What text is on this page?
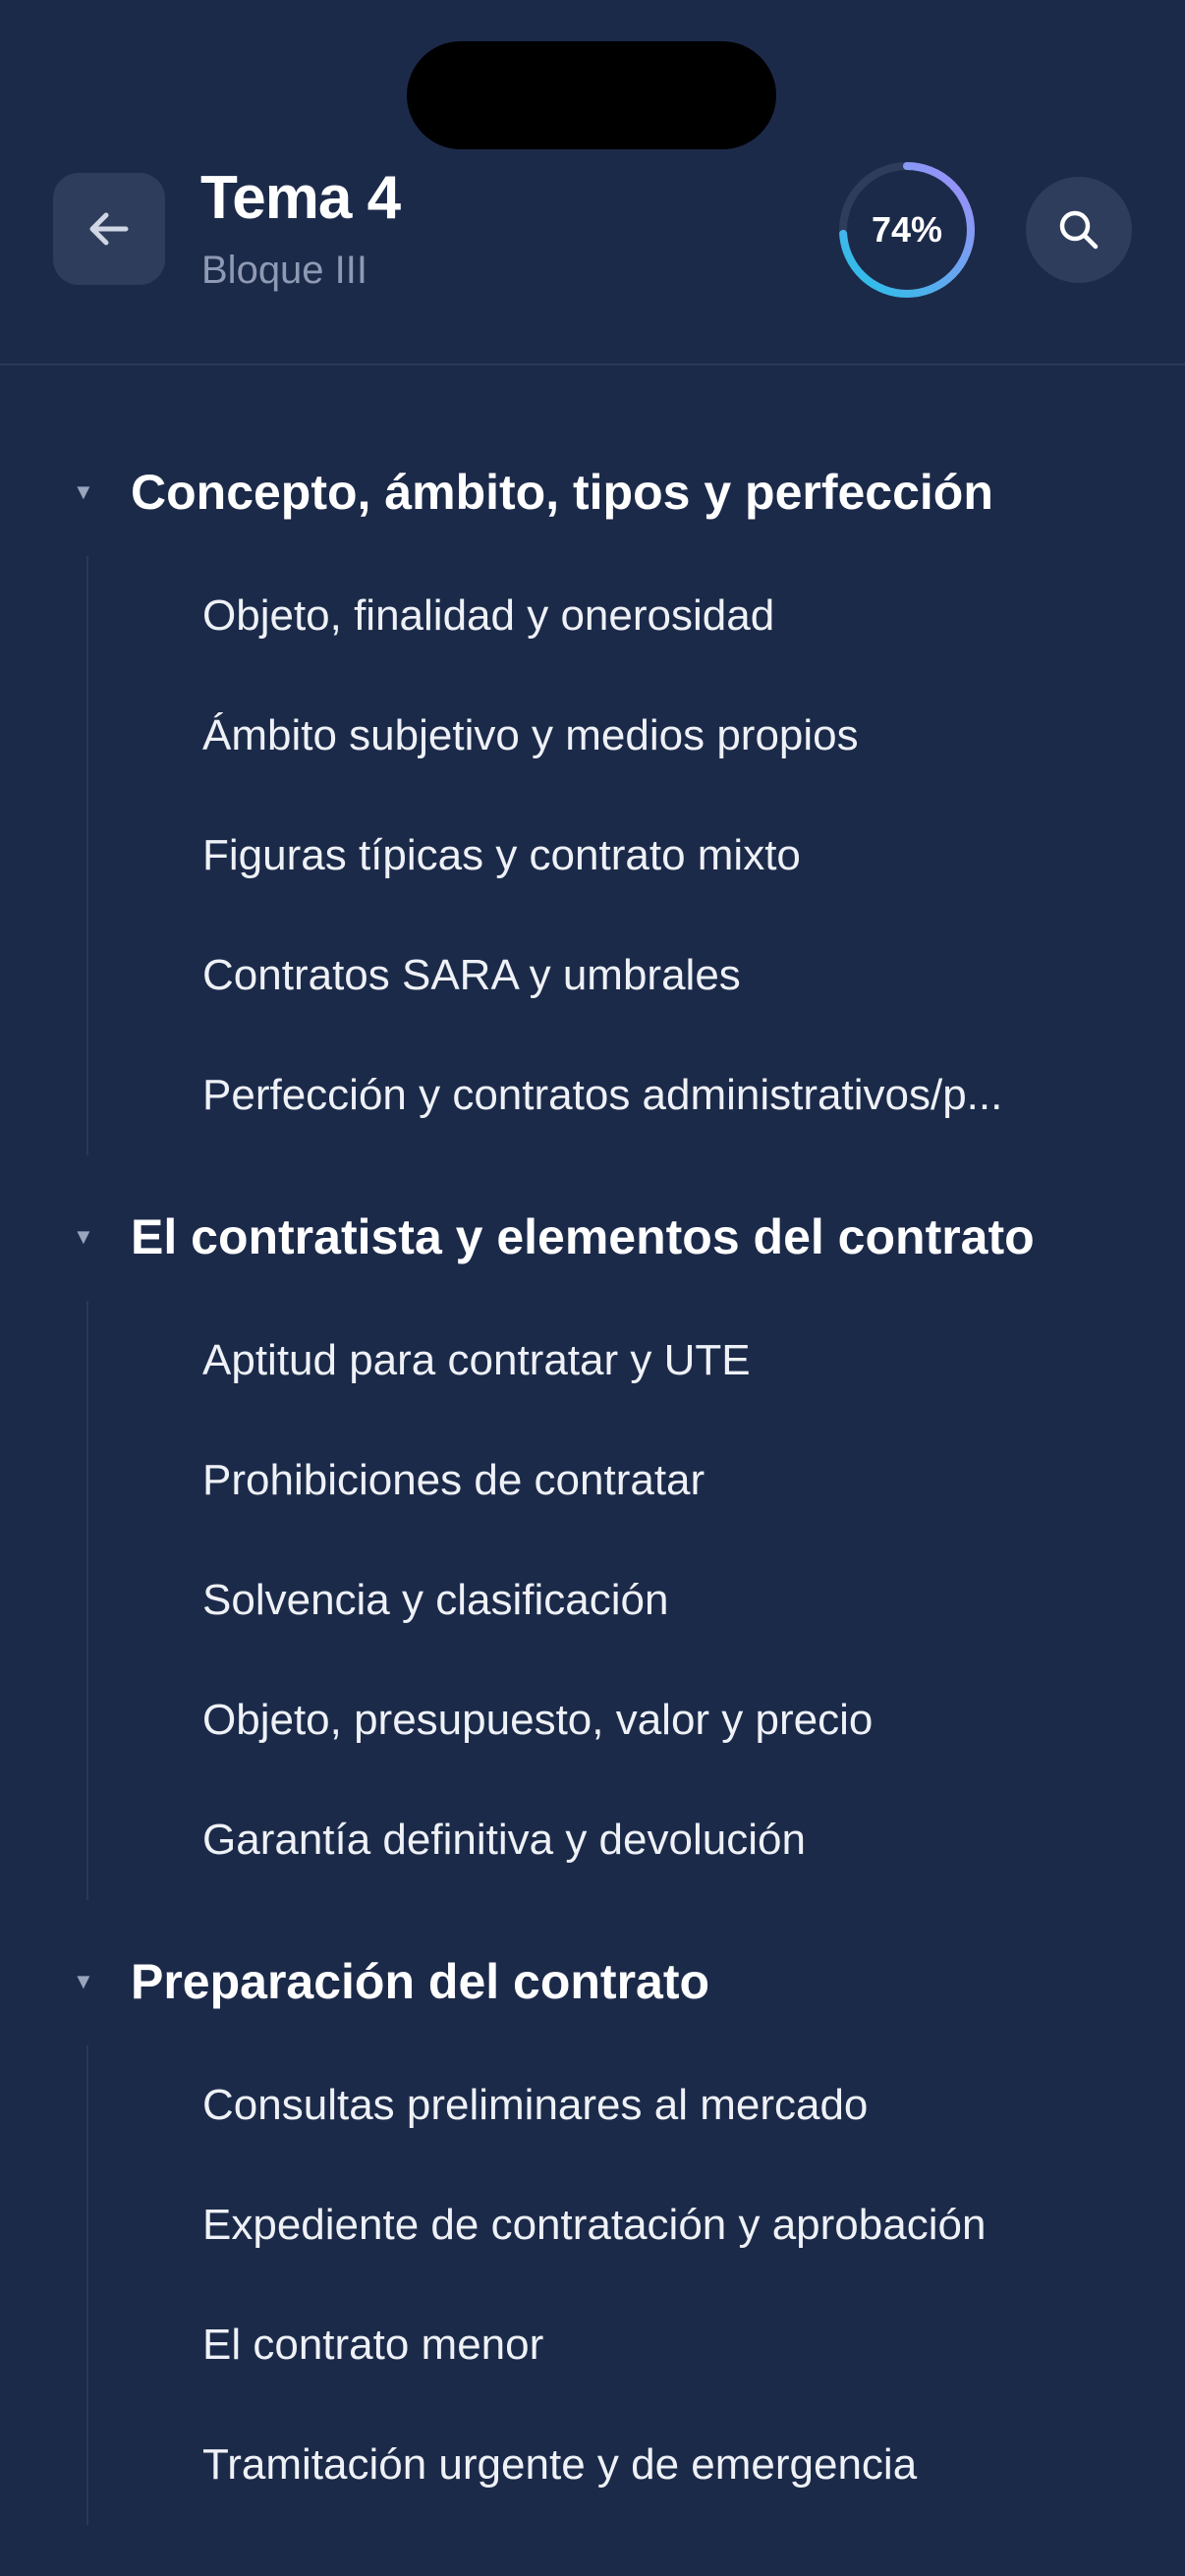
Tema 4
Bloque III
74%
▼ Concepto, ámbito, tipos y perfección
Objeto, finalidad y onerosidad
Ámbito subjetivo y medios propios
Figuras típicas y contrato mixto
Contratos SARA y umbrales
Perfección y contratos administrativos/p...
▼ El contratista y elementos del contrato
Aptitud para contratar y UTE
Prohibiciones de contratar
Solvencia y clasificación
Objeto, presupuesto, valor y precio
Garantía definitiva y devolución
▼ Preparación del contrato
Consultas preliminares al mercado
Expediente de contratación y aprobación
El contrato menor
Tramitación urgente y de emergencia
